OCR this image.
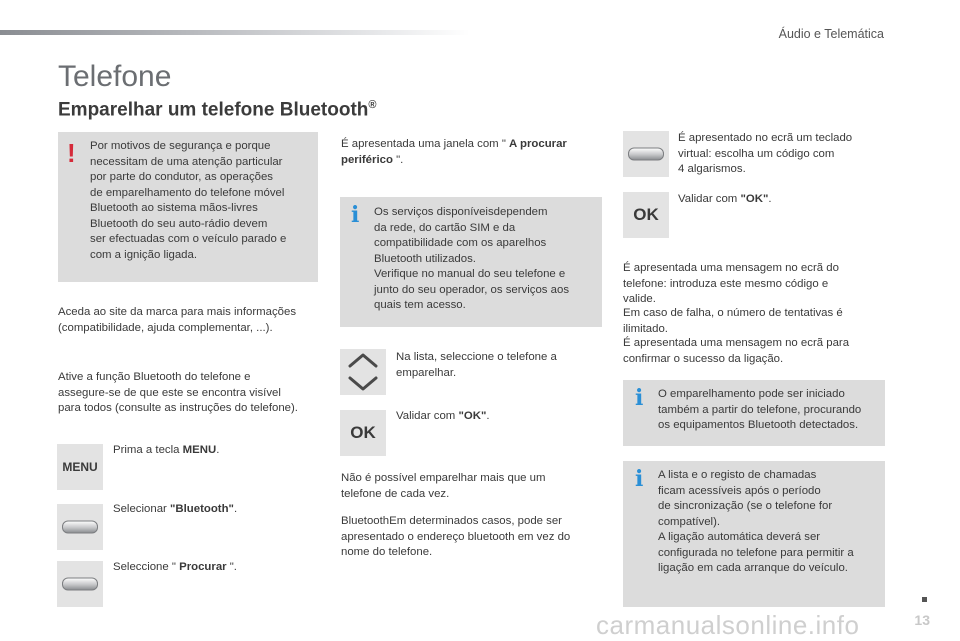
Áudio e Telemática
Telefone
Emparelhar um telefone Bluetooth®
! Por motivos de segurança e porque
necessitam de uma atenção particular
por parte do condutor, as operações
de emparelhamento do telefone móvel
Bluetooth ao sistema mãos-livres
Bluetooth do seu auto-rádio devem
ser efectuadas com o veículo parado e
com a ignição ligada.
Aceda ao site da marca para mais informações
(compatibilidade, ajuda complementar, ...).
Ative a função Bluetooth do telefone e
assegure-se de que este se encontra visível
para todos (consulte as instruções do telefone).
MENU
Prima a tecla MENU.
Selecionar "Bluetooth".
Seleccione " Procurar ".
É apresentada uma janela com " A procurar
periférico ".
i Os serviços disponíveisdependem
da rede, do cartão SIM e da
compatibilidade com os aparelhos
Bluetooth utilizados.
Verifique no manual do seu telefone e
junto do seu operador, os serviços aos
quais tem acesso.
Na lista, seleccione o telefone a
emparelhar.
OK
Validar com "OK".
Não é possível emparelhar mais que um
telefone de cada vez.
BluetoothEm determinados casos, pode ser
apresentado o endereço bluetooth em vez do
nome do telefone.
É apresentado no ecrã um teclado
virtual: escolha um código com
4 algarismos.
OK
Validar com "OK".
É apresentada uma mensagem no ecrã do
telefone: introduza este mesmo código e
valide.
Em caso de falha, o número de tentativas é
ilimitado.
É apresentada uma mensagem no ecrã para
confirmar o sucesso da ligação.
i O emparelhamento pode ser iniciado
também a partir do telefone, procurando
os equipamentos Bluetooth detectados.
i A lista e o registo de chamadas
ficam acessíveis após o período
de sincronização (se o telefone for
compatível).
A ligação automática deverá ser
configurada no telefone para permitir a
ligação em cada arranque do veículo.
13
carmanualsonline.info
